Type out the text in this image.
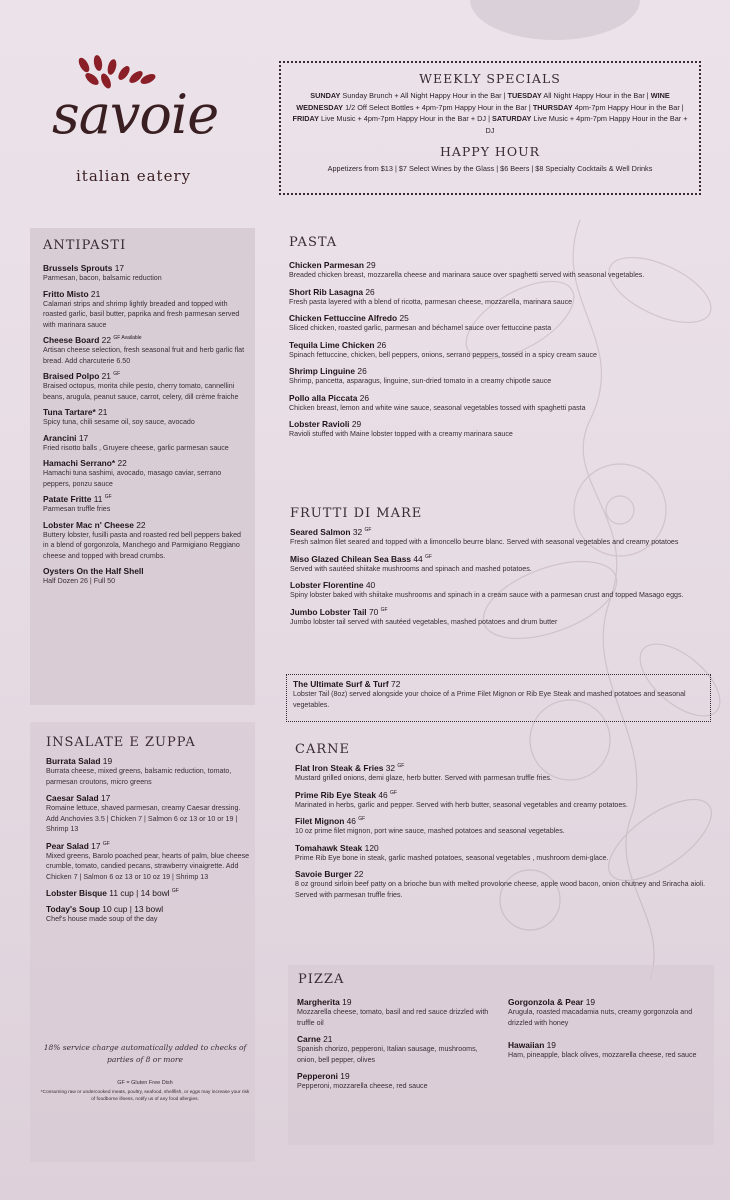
savoie
italian eatery
WEEKLY SPECIALS

SUNDAY Sunday Brunch + All Night Happy Hour in the Bar | TUESDAY All Night Happy Hour in the Bar | WINE WEDNESDAY 1/2 Off Select Bottles + 4pm-7pm Happy Hour in the Bar | THURSDAY 4pm-7pm Happy Hour in the Bar | FRIDAY Live Music + 4pm-7pm Happy Hour in the Bar + DJ | SATURDAY Live Music + 4pm-7pm Happy Hour in the Bar + DJ

HAPPY HOUR

Appetizers from $13 | $7 Select Wines by the Glass | $6 Beers | $8 Specialty Cocktails & Well Drinks

ANTIPASTI
Brussels Sprouts 17
Parmesan, bacon, balsamic reduction
Fritto Misto 21
Calamari strips and shrimp lightly breaded and topped with roasted garlic, basil butter, paprika and fresh parmesan served with marinara sauce
Cheese Board 22 $^{GF Available}$
Artisan cheese selection, fresh seasonal fruit and herb garlic flat bread. Add charcuterie 6.50
Braised Polpo 21 $^{GF}$
Braised octopus, morita chile pesto, cherry tomato, cannellini beans, arugula, peanut sauce, carrot, celery, dill crème fraiche
Tuna Tartare* 21
Spicy tuna, chili sesame oil, soy sauce, avocado
Arancini 17
Fried risotto balls , Gruyere cheese, garlic parmesan sauce
Hamachi Serrano* 22
Hamachi tuna sashimi, avocado, masago caviar, serrano peppers, ponzu sauce
Patate Fritte 11 $^{GF}$
Parmesan truffle fries
Lobster Mac n' Cheese 22
Buttery lobster, fusilli pasta and roasted red bell peppers baked in a blend of gorgonzola, Manchego and Parmigiano Reggiano cheese and topped with bread crumbs.
Oysters On the Half Shell
Half Dozen 26 | Full 50
INSALATE E ZUPPA
Burrata Salad 19
Burrata cheese, mixed greens, balsamic reduction, tomato, parmesan croutons, micro greens
Caesar Salad 17
Romaine lettuce, shaved parmesan, creamy Caesar dressing. Add Anchovies 3.5 | Chicken 7 | Salmon 6 oz 13 or 10 or 19 | Shrimp 13
Pear Salad 17 $^{GF}$
Mixed greens, Barolo poached pear, hearts of palm, blue cheese crumble, tomato, candied pecans, strawberry vinaigrette. Add Chicken 7 | Salmon 6 oz 13 or 10 oz 19 | Shrimp 13
Lobster Bisque 11 cup | 14 bowl $^{GF}$
Today's Soup 10 cup | 13 bowl
Chef's house made soup of the day
18% service charge automatically added to checks of parties of 8 or more
GF = Gluten Free Dish
*Consuming raw or undercooked meats, poultry, seafood, shellfish, or eggs may increase your risk of foodborne illness, notify us of any food allergies.
PASTA
Chicken Parmesan 29
Breaded chicken breast, mozzarella cheese and marinara sauce over spaghetti served with seasonal vegetables.
Short Rib Lasagna 26
Fresh pasta layered with a blend of ricotta, parmesan cheese, mozzarella, marinara sauce
Chicken Fettuccine Alfredo 25
Sliced chicken, roasted garlic, parmesan and béchamel sauce over fettuccine pasta
Tequila Lime Chicken 26
Spinach fettuccine, chicken, bell peppers, onions, serrano peppers, tossed in a spicy cream sauce
Shrimp Linguine 26
Shrimp, pancetta, asparagus, linguine, sun-dried tomato in a creamy chipotle sauce
Pollo alla Piccata 26
Chicken breast, lemon and white wine sauce, seasonal vegetables tossed with spaghetti pasta
Lobster Ravioli 29
Ravioli stuffed with Maine lobster topped with a creamy marinara sauce
FRUTTI DI MARE
Seared Salmon 32 $^{GF}$
Fresh salmon filet seared and topped with a limoncello beurre blanc. Served with seasonal vegetables and creamy potatoes
Miso Glazed Chilean Sea Bass 44 $^{GF}$
Served with sautéed shiitake mushrooms and spinach and mashed potatoes.
Lobster Florentine 40
Spiny lobster baked with shiitake mushrooms and spinach in a cream sauce with a parmesan crust and topped Masago eggs.
Jumbo Lobster Tail 70 $^{GF}$
Jumbo lobster tail served with sautéed vegetables, mashed potatoes and drum butter
The Ultimate Surf & Turf 72
Lobster Tail (8oz) served alongside your choice of a Prime Filet Mignon or Rib Eye Steak and mashed potatoes and seasonal vegetables.
CARNE
Flat Iron Steak & Fries 32 $^{GF}$
Mustard grilled onions, demi glaze, herb butter. Served with parmesan truffle fries.
Prime Rib Eye Steak 46 $^{GF}$
Marinated in herbs, garlic and pepper. Served with herb butter, seasonal vegetables and creamy potatoes.
Filet Mignon 46 $^{GF}$
10 oz prime filet mignon, port wine sauce, mashed potatoes and seasonal vegetables.
Tomahawk Steak 120
Prime Rib Eye bone in steak, garlic mashed potatoes, seasonal vegetables , mushroom demi-glace.
Savoie Burger 22
8 oz ground sirloin beef patty on a brioche bun with melted provolone cheese, apple wood bacon, onion chutney and Sriracha aioli. Served with parmesan truffle fries.
PIZZA
Margherita 19
Mozzarella cheese, tomato, basil and red sauce drizzled with truffle oil
Carne 21
Spanish chorizo, pepperoni, Italian sausage, mushrooms, onion, bell pepper, olives
Pepperoni 19
Pepperoni, mozzarella cheese, red sauce
Gorgonzola & Pear 19
Arugula, roasted macadamia nuts, creamy gorgonzola and drizzled with honey
Hawaiian 19
Ham, pineapple, black olives, mozzarella cheese, red sauce
